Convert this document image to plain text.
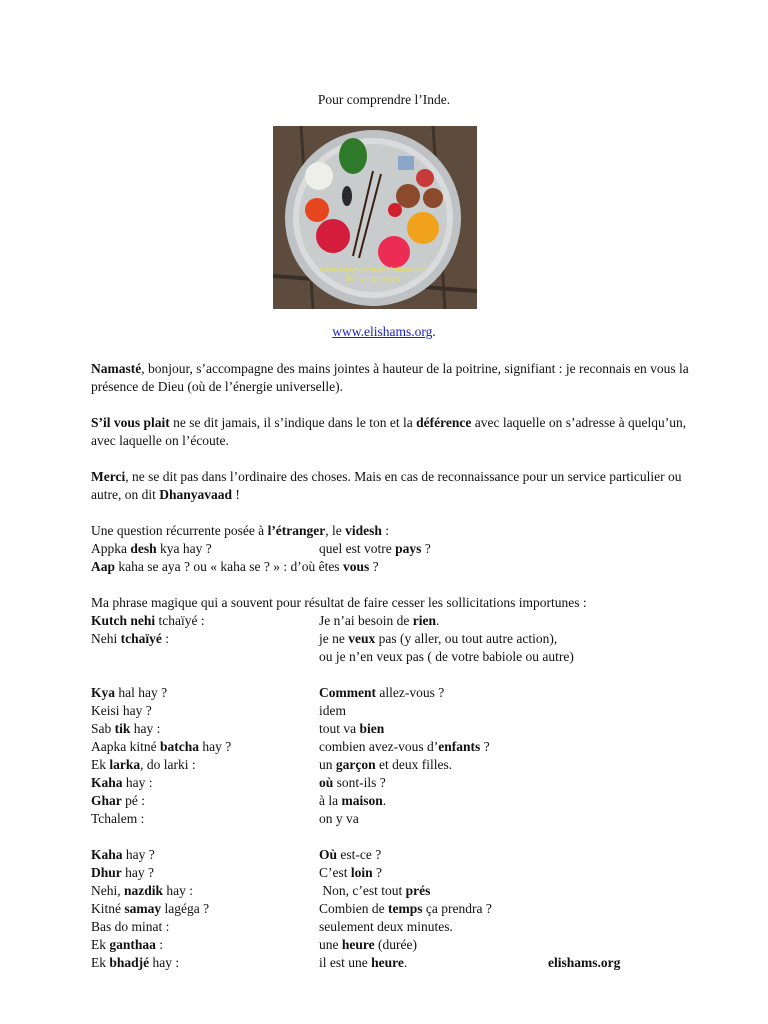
Pour comprendre l’Inde.
Photo copyright www.elishams.org
Do not reproduce
www.elishams.org.
Namasté, bonjour, s’accompagne des mains jointes à hauteur de la poitrine, signifiant : je reconnais en vous la présence de Dieu (où de l’énergie universelle).
S’il vous plait ne se dit jamais, il s’indique dans le ton et la déférence avec laquelle on s’adresse à quelqu’un, avec laquelle on l’écoute.
Merci, ne se dit pas dans l’ordinaire des choses. Mais en cas de reconnaissance pour un service particulier ou autre, on dit Dhanyavaad !
Une question récurrente posée à l’étranger, le videsh :
Appka desh kya hay ?	quel est votre pays ?
Aap kaha se aya ? ou « kaha se ? » : d’où êtes vous ?
Ma phrase magique qui a souvent pour résultat de faire cesser les sollicitations importunes :
Kutch nehi tchaïyé :	Je n’ai besoin de rien.
Nehi tchaïyé :	je ne veux pas (y aller, ou tout autre action),
ou je n’en veux pas ( de votre babiole ou autre)
Kya hal hay ?	Comment allez-vous ?
Keisi hay ?	idem
Sab tik hay :	tout va bien
Aapka kitné batcha hay ?	combien avez-vous d’enfants ?
Ek larka, do larki :	un garçon et deux filles.
Kaha hay :	où sont-ils ?
Ghar pé :	à la maison.
Tchalem :	on y va
Kaha hay ?	Où est-ce ?
Dhur hay ?	C’est loin ?
Nehi, nazdik hay :	Non, c’est tout prés
Kitné samay lagéga ?	Combien de temps ça prendra ?
Bas do minat :	seulement deux minutes.
Ek ganthaa :	une heure (durée)
Ek bhadjé hay :	il est une heure.	elishams.org
